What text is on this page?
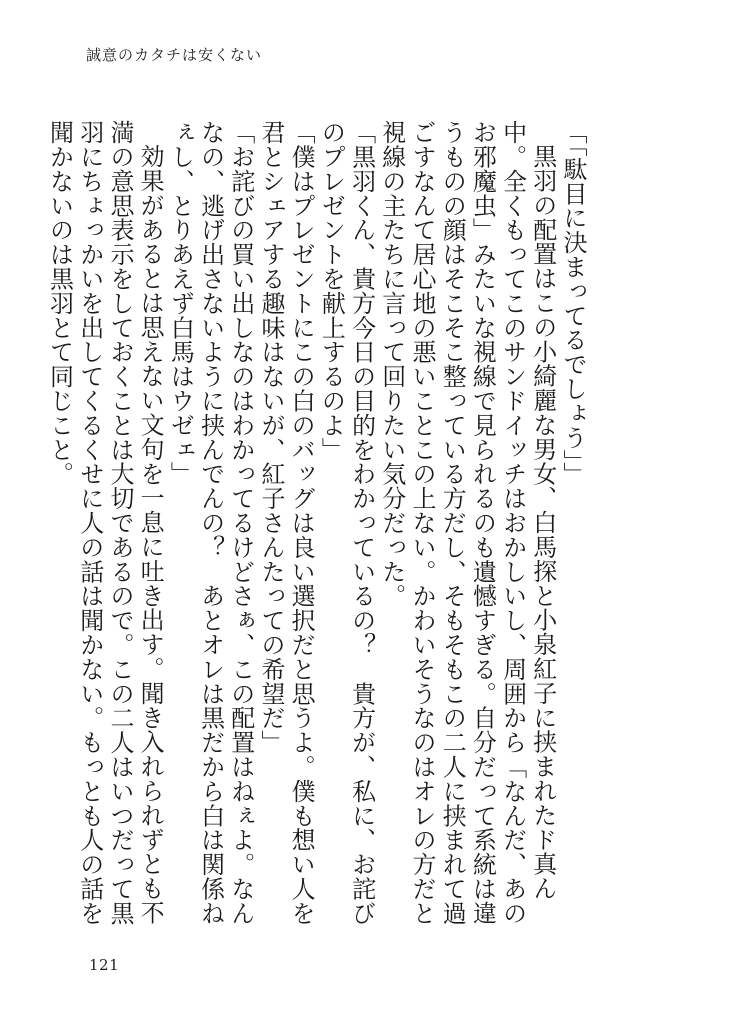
誠意のカタチは安くない

「「駄目に決まってるでしょう」」

黒羽の配置はこの小綺麗な男女、白馬探と小泉紅子に挟まれたド真ん中。全くもってこのサンドイッチはおかしいし、周囲から「なんだ、あのお邪魔虫」みたいな視線で見られるのも遺憾すぎる。自分だって系統は違うものの顔はそこそこ整っている方だし、そもそもこの二人に挟まれて過ごすなんて居心地の悪いことこの上ない。かわいそうなのはオレの方だと視線の主たちに言って回りたい気分だった。

「黒羽くん、貴方今日の目的をわかっているの？　貴方が、私に、お詫びのプレゼントを献上するのよ」

「僕はプレゼントにこの白のバッグは良い選択だと思うよ。僕も想い人を君とシェアする趣味はないが、紅子さんたっての希望だ」

「お詫びの買い出しなのはわかってるけどさぁ、この配置はねぇよ。なんなの、逃げ出さないように挟んでんの？　あとオレは黒だから白は関係ねぇし、とりあえず白馬はウゼェ」

効果があるとは思えない文句を一息に吐き出す。聞き入れられずとも不満の意思表示をしておくことは大切であるので。この二人はいつだって黒羽にちょっかいを出してくるくせに人の話は聞かない。もっとも人の話を聞かないのは黒羽とて同じこと。

121
